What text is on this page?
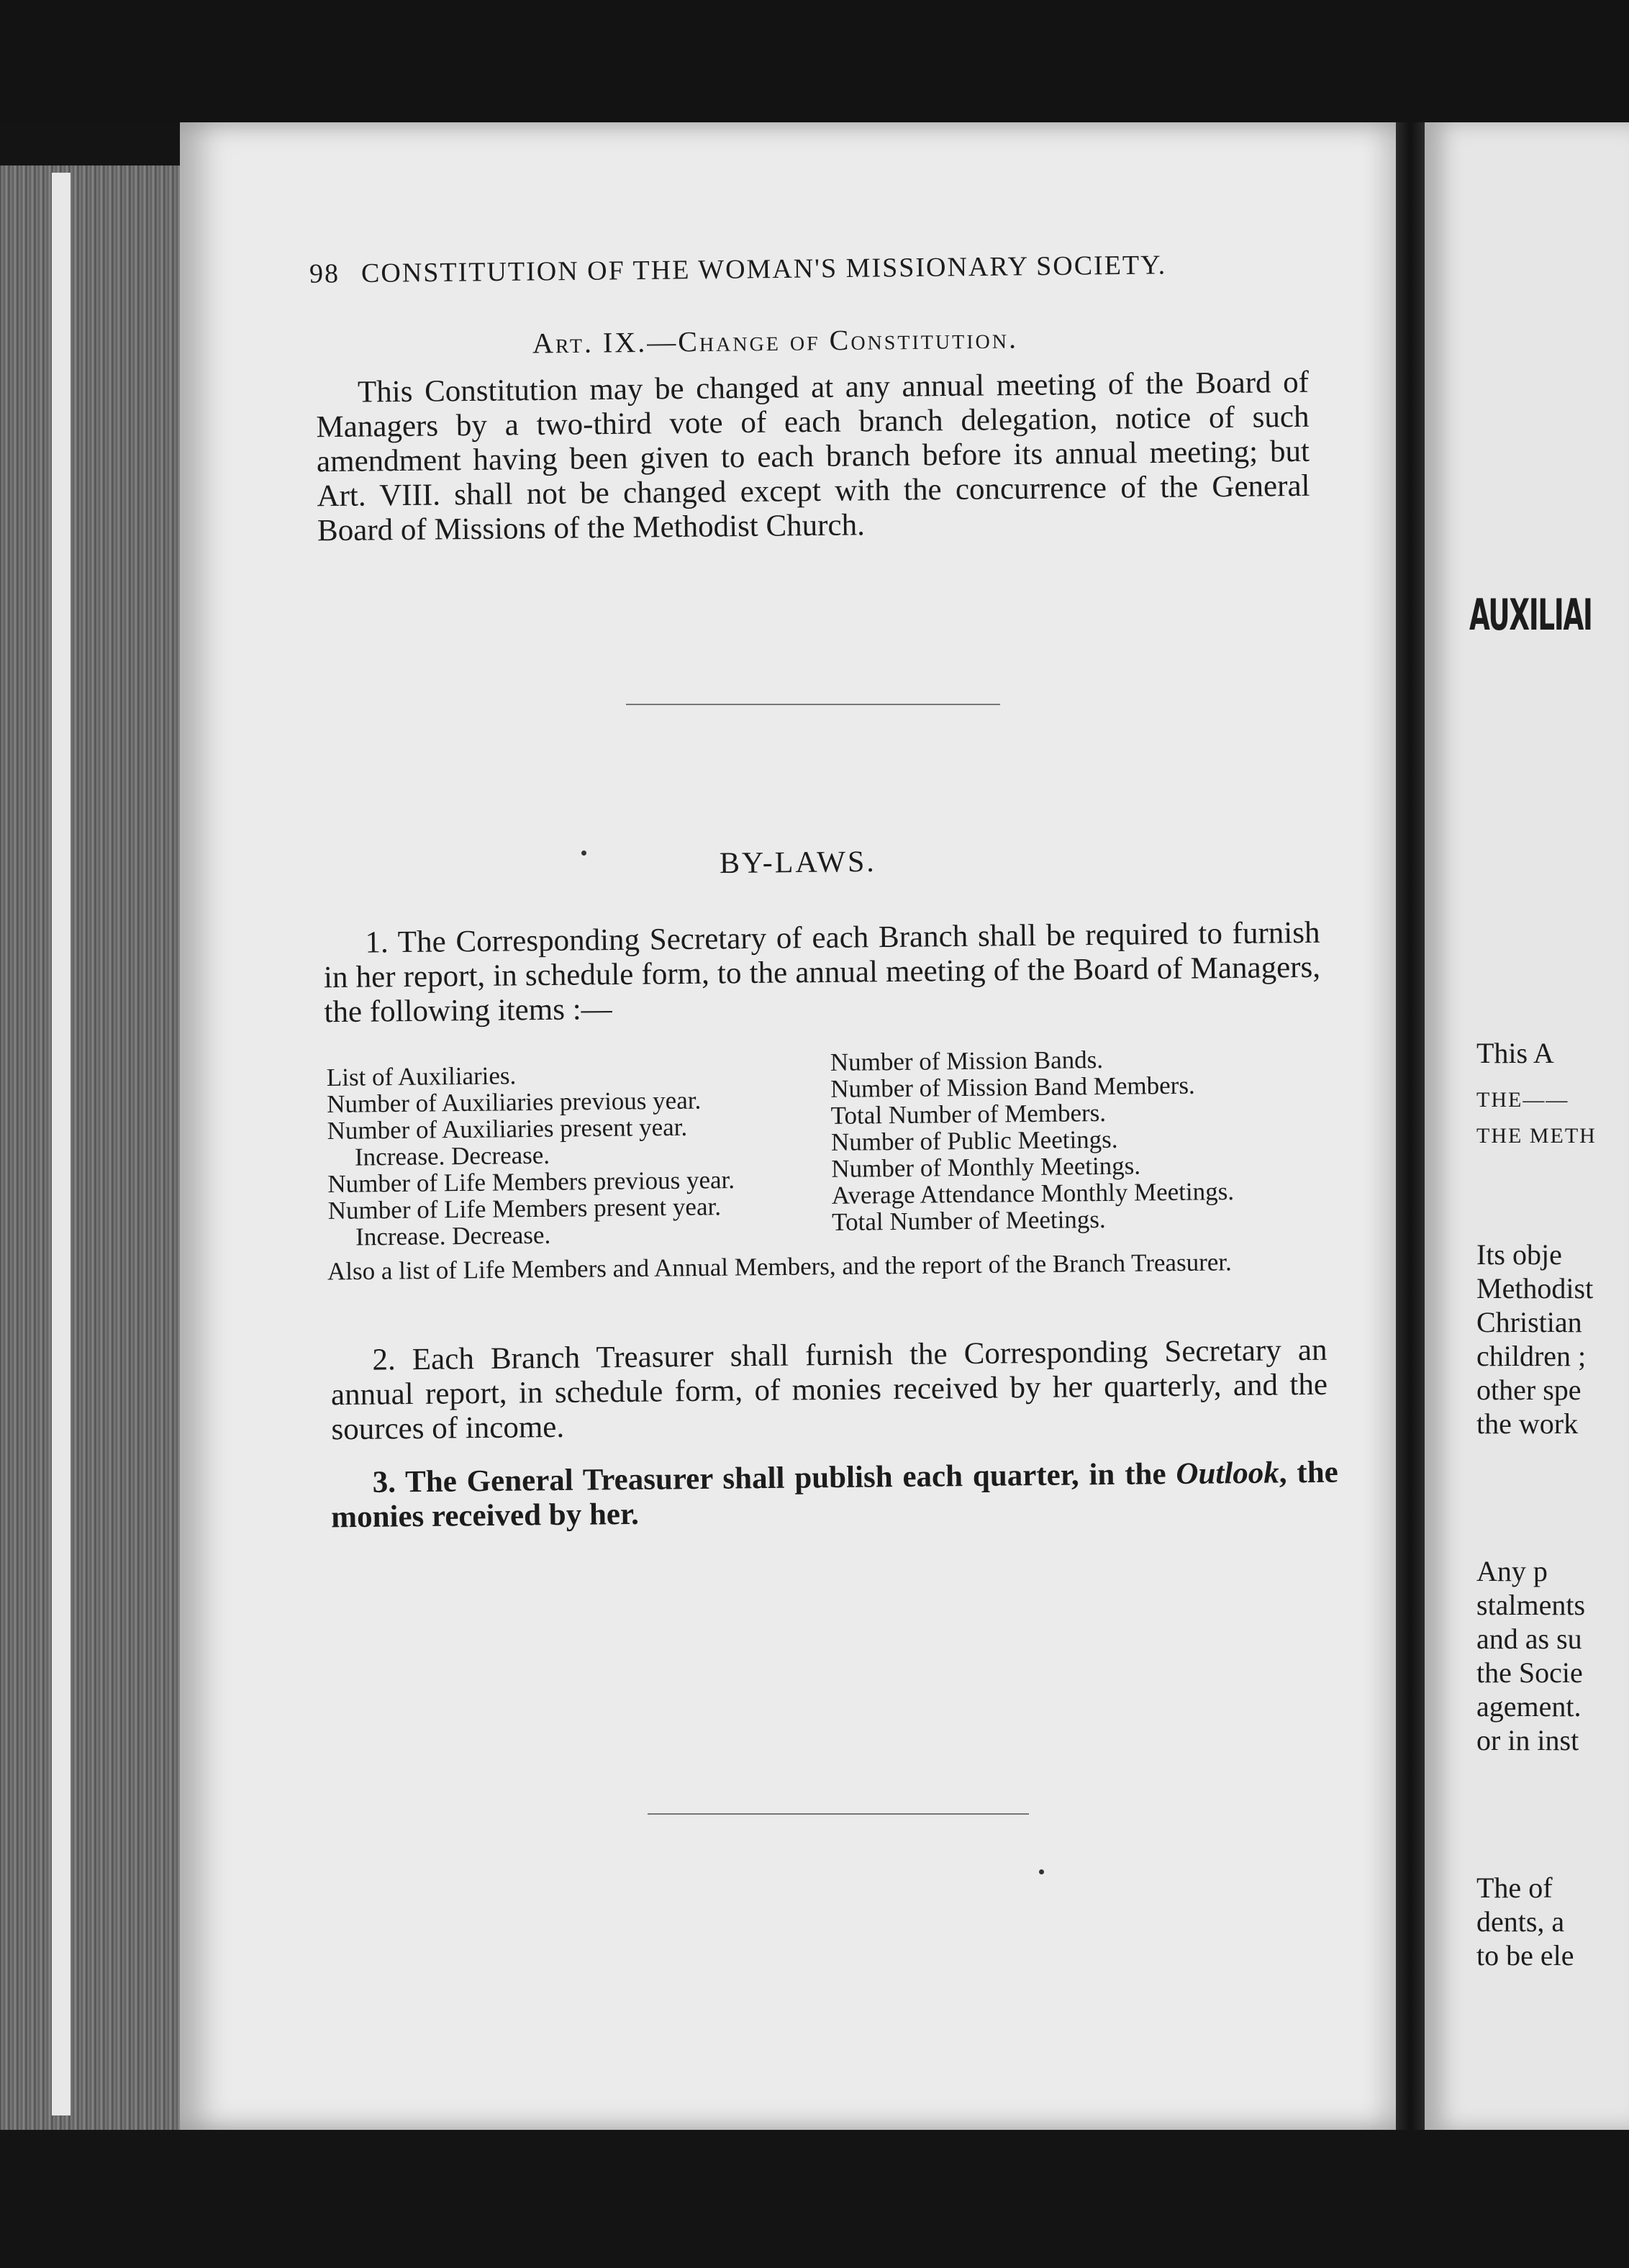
98 CONSTITUTION OF THE WOMAN'S MISSIONARY SOCIETY.
Art. IX.—Change of Constitution.
This Constitution may be changed at any annual meeting of the Board of Managers by a two-third vote of each branch delegation, notice of such amendment having been given to each branch before its annual meeting; but Art. VIII. shall not be changed except with the concurrence of the General Board of Missions of the Methodist Church.
BY-LAWS.
1. The Corresponding Secretary of each Branch shall be required to furnish in her report, in schedule form, to the annual meeting of the Board of Managers, the following items :—
List of Auxiliaries.
Number of Auxiliaries previous year.
Number of Auxiliaries present year.
Increase. Decrease.
Number of Life Members previous year.
Number of Life Members present year.
Increase. Decrease.
Number of Mission Bands.
Number of Mission Band Members.
Total Number of Members.
Number of Public Meetings.
Number of Monthly Meetings.
Average Attendance Monthly Meetings.
Total Number of Meetings.
Also a list of Life Members and Annual Members, and the report of the Branch Treasurer.
2. Each Branch Treasurer shall furnish the Corresponding Secretary an annual report, in schedule form, of monies received by her quarterly, and the sources of income.
3. The General Treasurer shall publish each quarter, in the Outlook, the monies received by her.
AUXILIAI
This A
THE——
THE METH
Its obje
Methodist
Christian
children ;
other spe
the work
Any p
stalments
and as su
the Socie
agement.
or in inst
The of
dents, a
to be ele
